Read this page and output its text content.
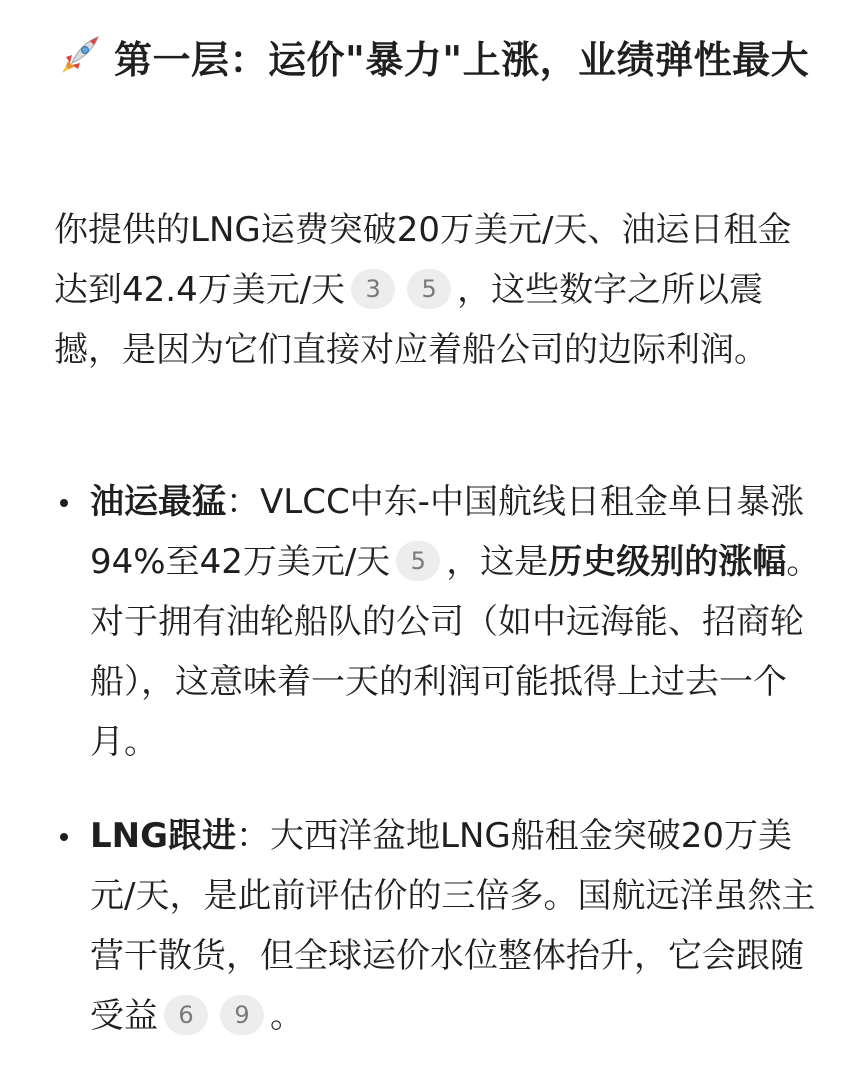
第一层：运价"暴力"上涨，业绩弹性最大
你提供的LNG运费突破20万美元/天、油运日租金达到42.4万美元/天 3 5 ，这些数字之所以震撼，是因为它们直接对应着船公司的边际利润。
油运最猛：VLCC中东-中国航线日租金单日暴涨94%至42万美元/天 5 ，这是历史级别的涨幅。对于拥有油轮船队的公司（如中远海能、招商轮船），这意味着一天的利润可能抵得上过去一个月。
LNG跟进：大西洋盆地LNG船租金突破20万美元/天，是此前评估价的三倍多。国航远洋虽然主营干散货，但全球运价水位整体抬升，它会跟随受益 6 9 。
